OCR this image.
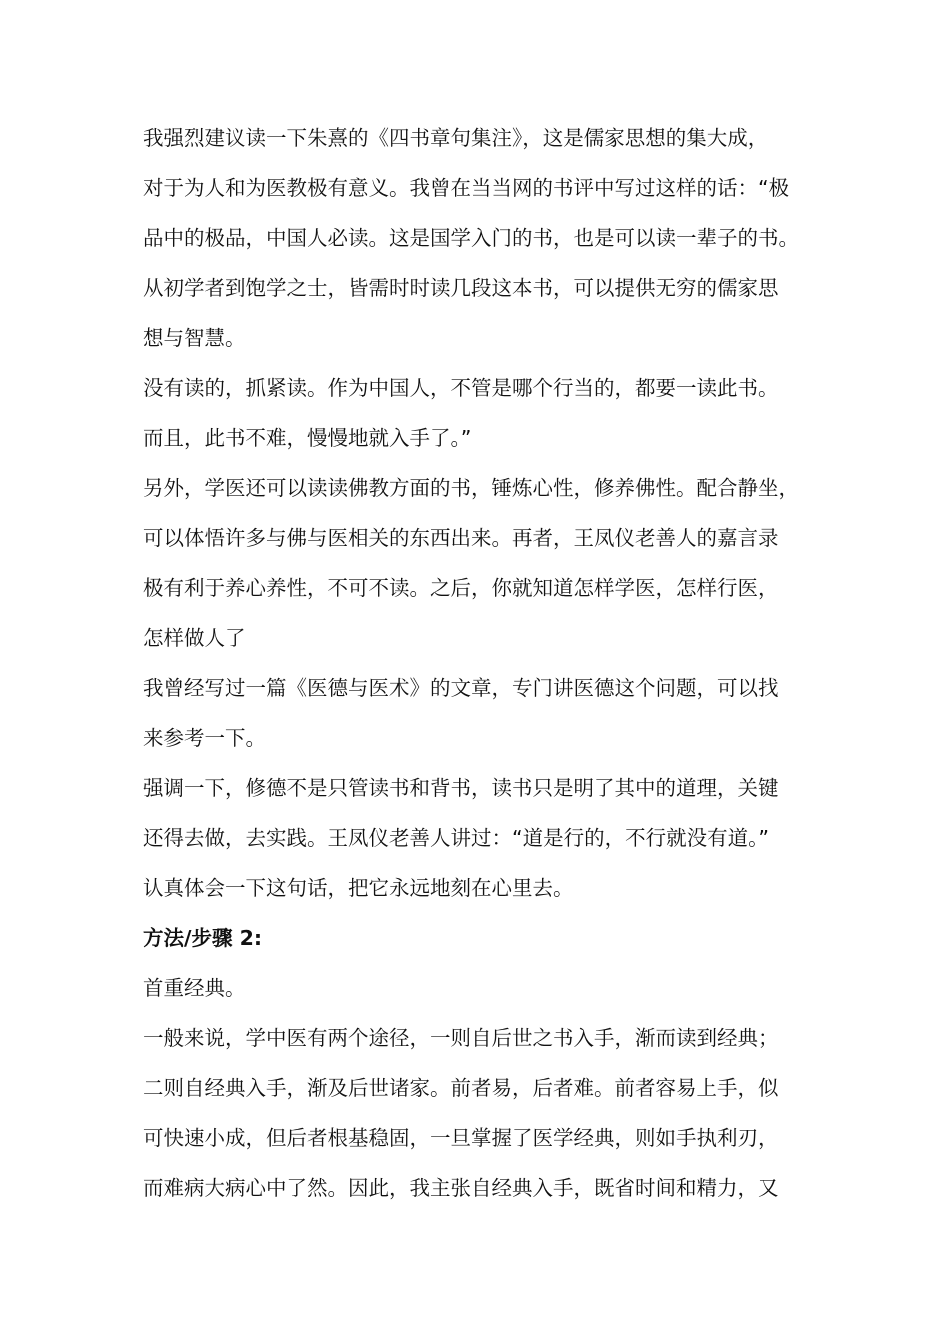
我强烈建议读一下朱熹的《四书章句集注》，这是儒家思想的集大成，
对于为人和为医教极有意义。我曾在当当网的书评中写过这样的话：“极
品中的极品，中国人必读。这是国学入门的书，也是可以读一辈子的书。
从初学者到饱学之士，皆需时时读几段这本书，可以提供无穷的儒家思
想与智慧。
没有读的，抓紧读。作为中国人，不管是哪个行当的，都要一读此书。
而且，此书不难，慢慢地就入手了。”
另外，学医还可以读读佛教方面的书，锤炼心性，修养佛性。配合静坐，
可以体悟许多与佛与医相关的东西出来。再者，王凤仪老善人的嘉言录
极有利于养心养性，不可不读。之后，你就知道怎样学医，怎样行医，
怎样做人了
我曾经写过一篇《医德与医术》的文章，专门讲医德这个问题，可以找
来参考一下。
强调一下，修德不是只管读书和背书，读书只是明了其中的道理，关键
还得去做，去实践。王凤仪老善人讲过：“道是行的，不行就没有道。”
认真体会一下这句话，把它永远地刻在心里去。
方法/步骤 2:
首重经典。
一般来说，学中医有两个途径，一则自后世之书入手，渐而读到经典；
二则自经典入手，渐及后世诸家。前者易，后者难。前者容易上手，似
可快速小成，但后者根基稳固，一旦掌握了医学经典，则如手执利刃，
而难病大病心中了然。因此，我主张自经典入手，既省时间和精力，又
